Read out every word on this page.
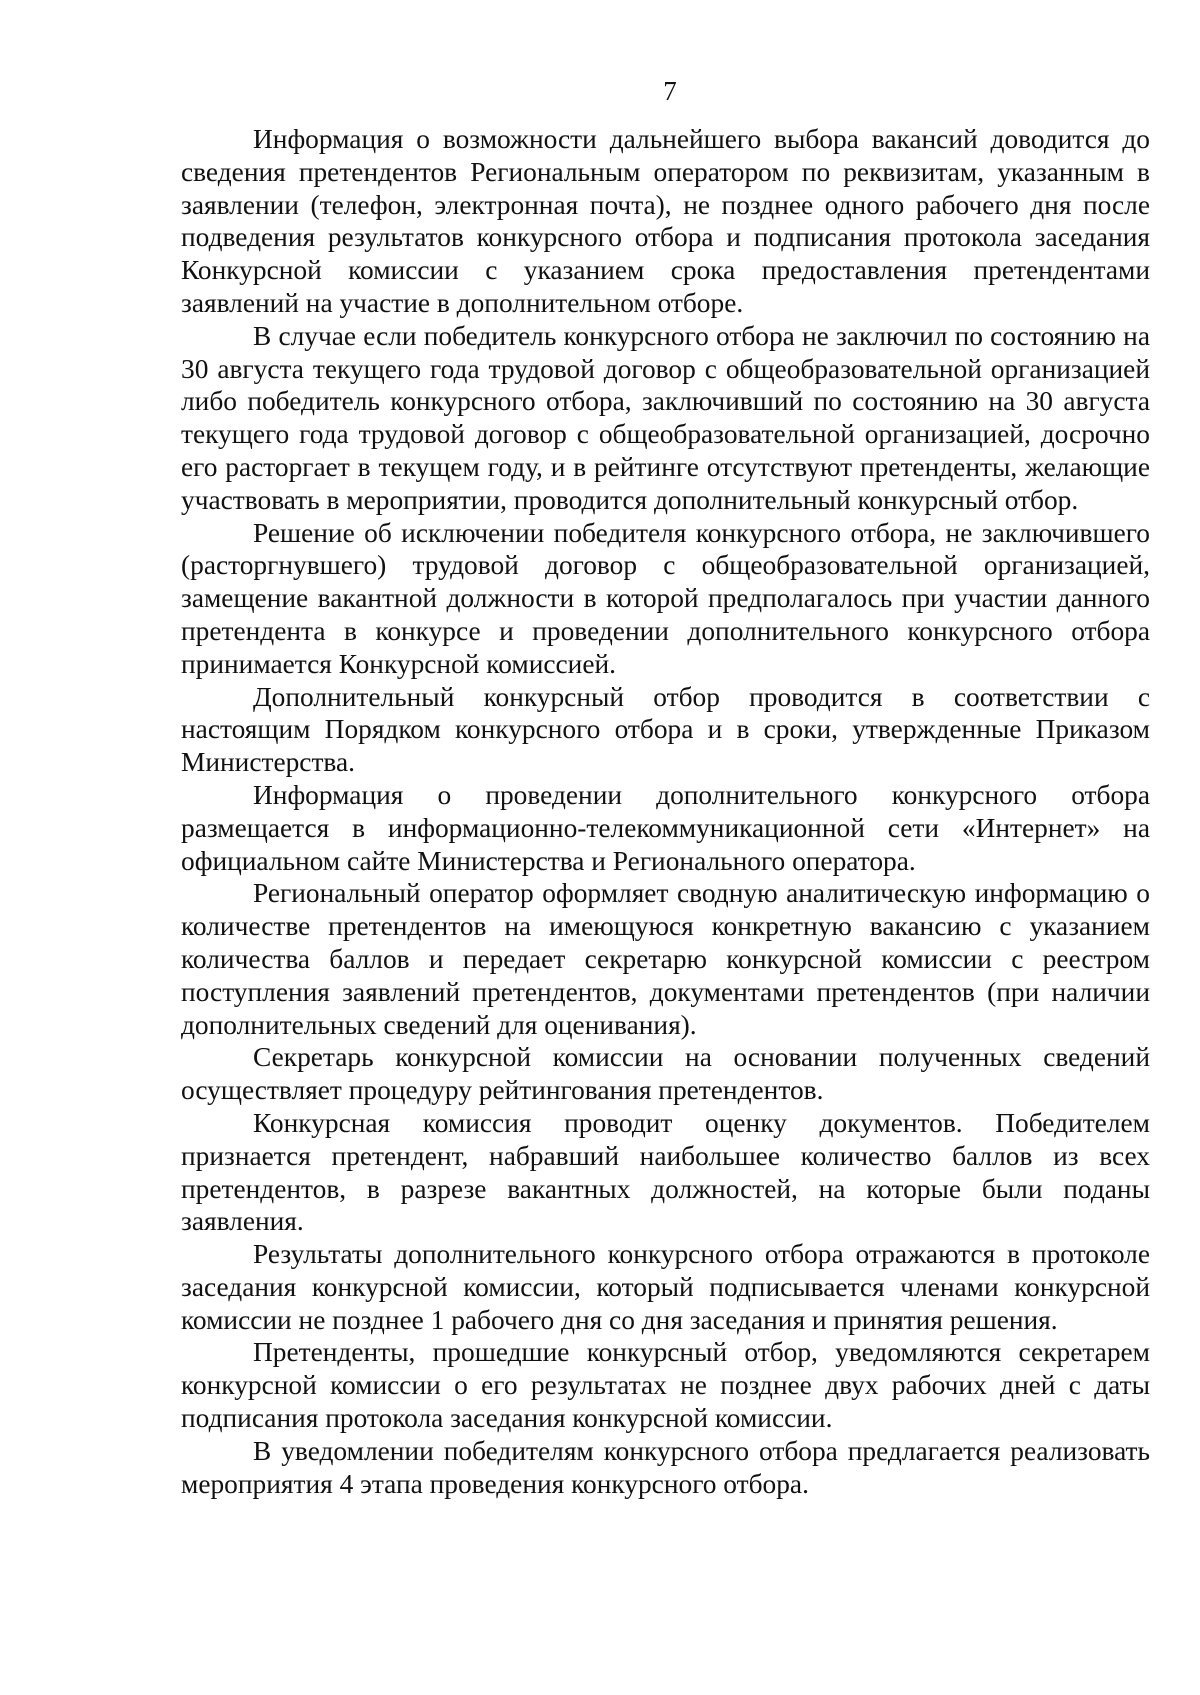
7

Информация о возможности дальнейшего выбора вакансий доводится до сведения претендентов Региональным оператором по реквизитам, указанным в заявлении (телефон, электронная почта), не позднее одного рабочего дня после подведения результатов конкурсного отбора и подписания протокола заседания Конкурсной комиссии с указанием срока предоставления претендентами заявлений на участие в дополнительном отборе.

В случае если победитель конкурсного отбора не заключил по состоянию на 30 августа текущего года трудовой договор с общеобразовательной организацией либо победитель конкурсного отбора, заключивший по состоянию на 30 августа текущего года трудовой договор с общеобразовательной организацией, досрочно его расторгает в текущем году, и в рейтинге отсутствуют претенденты, желающие участвовать в мероприятии, проводится дополнительный конкурсный отбор.

Решение об исключении победителя конкурсного отбора, не заключившего (расторгнувшего) трудовой договор с общеобразовательной организацией, замещение вакантной должности в которой предполагалось при участии данного претендента в конкурсе и проведении дополнительного конкурсного отбора принимается Конкурсной комиссией.

Дополнительный конкурсный отбор проводится в соответствии с настоящим Порядком конкурсного отбора и в сроки, утвержденные Приказом Министерства.

Информация о проведении дополнительного конкурсного отбора размещается в информационно-телекоммуникационной сети «Интернет» на официальном сайте Министерства и Регионального оператора.

Региональный оператор оформляет сводную аналитическую информацию о количестве претендентов на имеющуюся конкретную вакансию с указанием количества баллов и передает секретарю конкурсной комиссии с реестром поступления заявлений претендентов, документами претендентов (при наличии дополнительных сведений для оценивания).

Секретарь конкурсной комиссии на основании полученных сведений осуществляет процедуру рейтингования претендентов.

Конкурсная комиссия проводит оценку документов. Победителем признается претендент, набравший наибольшее количество баллов из всех претендентов, в разрезе вакантных должностей, на которые были поданы заявления.

Результаты дополнительного конкурсного отбора отражаются в протоколе заседания конкурсной комиссии, который подписывается членами конкурсной комиссии не позднее 1 рабочего дня со дня заседания и принятия решения.

Претенденты, прошедшие конкурсный отбор, уведомляются секретарем конкурсной комиссии о его результатах не позднее двух рабочих дней с даты подписания протокола заседания конкурсной комиссии.

В уведомлении победителям конкурсного отбора предлагается реализовать мероприятия 4 этапа проведения конкурсного отбора.
